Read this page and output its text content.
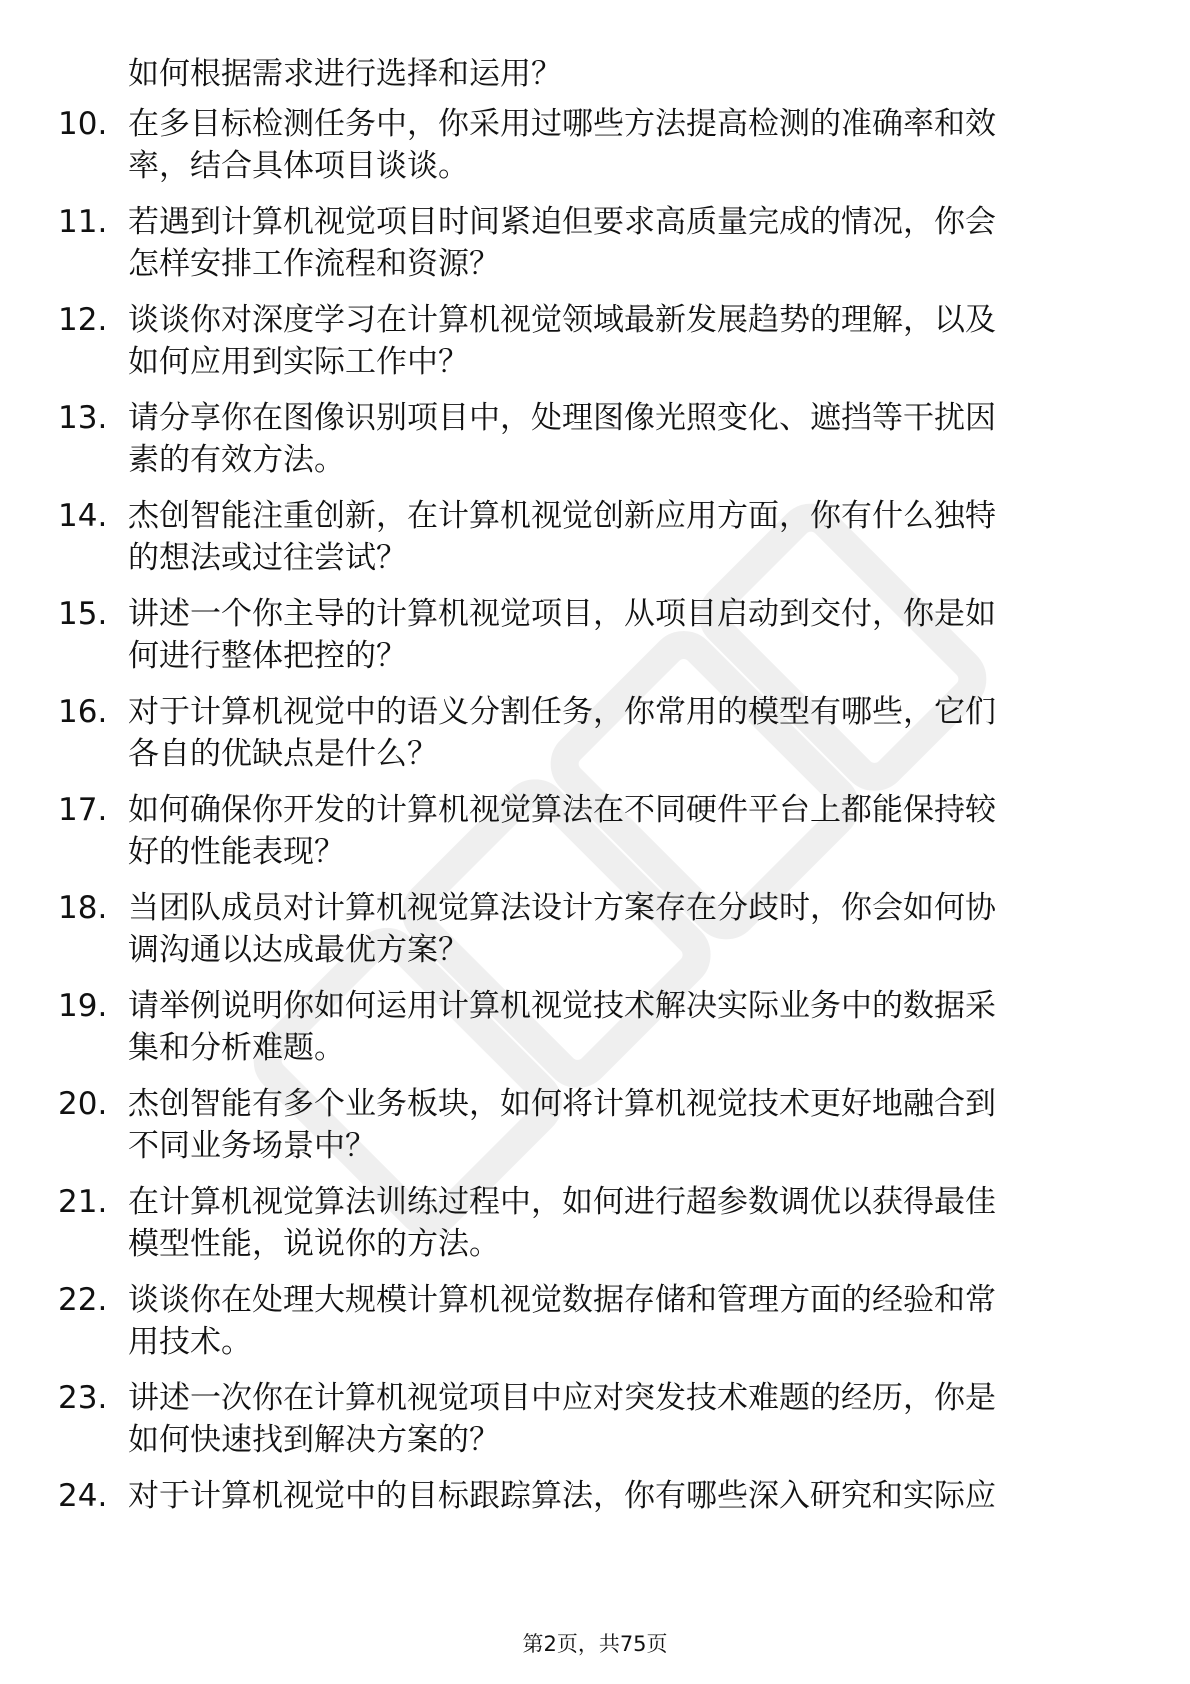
如何根据需求进行选择和运用？
10. 在多目标检测任务中，你采用过哪些方法提高检测的准确率和效
率，结合具体项目谈谈。
11. 若遇到计算机视觉项目时间紧迫但要求高质量完成的情况，你会
怎样安排工作流程和资源？
12. 谈谈你对深度学习在计算机视觉领域最新发展趋势的理解，以及
如何应用到实际工作中？
13. 请分享你在图像识别项目中，处理图像光照变化、遮挡等干扰因
素的有效方法。
14. 杰创智能注重创新，在计算机视觉创新应用方面，你有什么独特
的想法或过往尝试？
15. 讲述一个你主导的计算机视觉项目，从项目启动到交付，你是如
何进行整体把控的？
16. 对于计算机视觉中的语义分割任务，你常用的模型有哪些，它们
各自的优缺点是什么？
17. 如何确保你开发的计算机视觉算法在不同硬件平台上都能保持较
好的性能表现？
18. 当团队成员对计算机视觉算法设计方案存在分歧时，你会如何协
调沟通以达成最优方案？
19. 请举例说明你如何运用计算机视觉技术解决实际业务中的数据采
集和分析难题。
20. 杰创智能有多个业务板块，如何将计算机视觉技术更好地融合到
不同业务场景中？
21. 在计算机视觉算法训练过程中，如何进行超参数调优以获得最佳
模型性能，说说你的方法。
22. 谈谈你在处理大规模计算机视觉数据存储和管理方面的经验和常
用技术。
23. 讲述一次你在计算机视觉项目中应对突发技术难题的经历，你是
如何快速找到解决方案的？
24. 对于计算机视觉中的目标跟踪算法，你有哪些深入研究和实际应
第2页，共75页
